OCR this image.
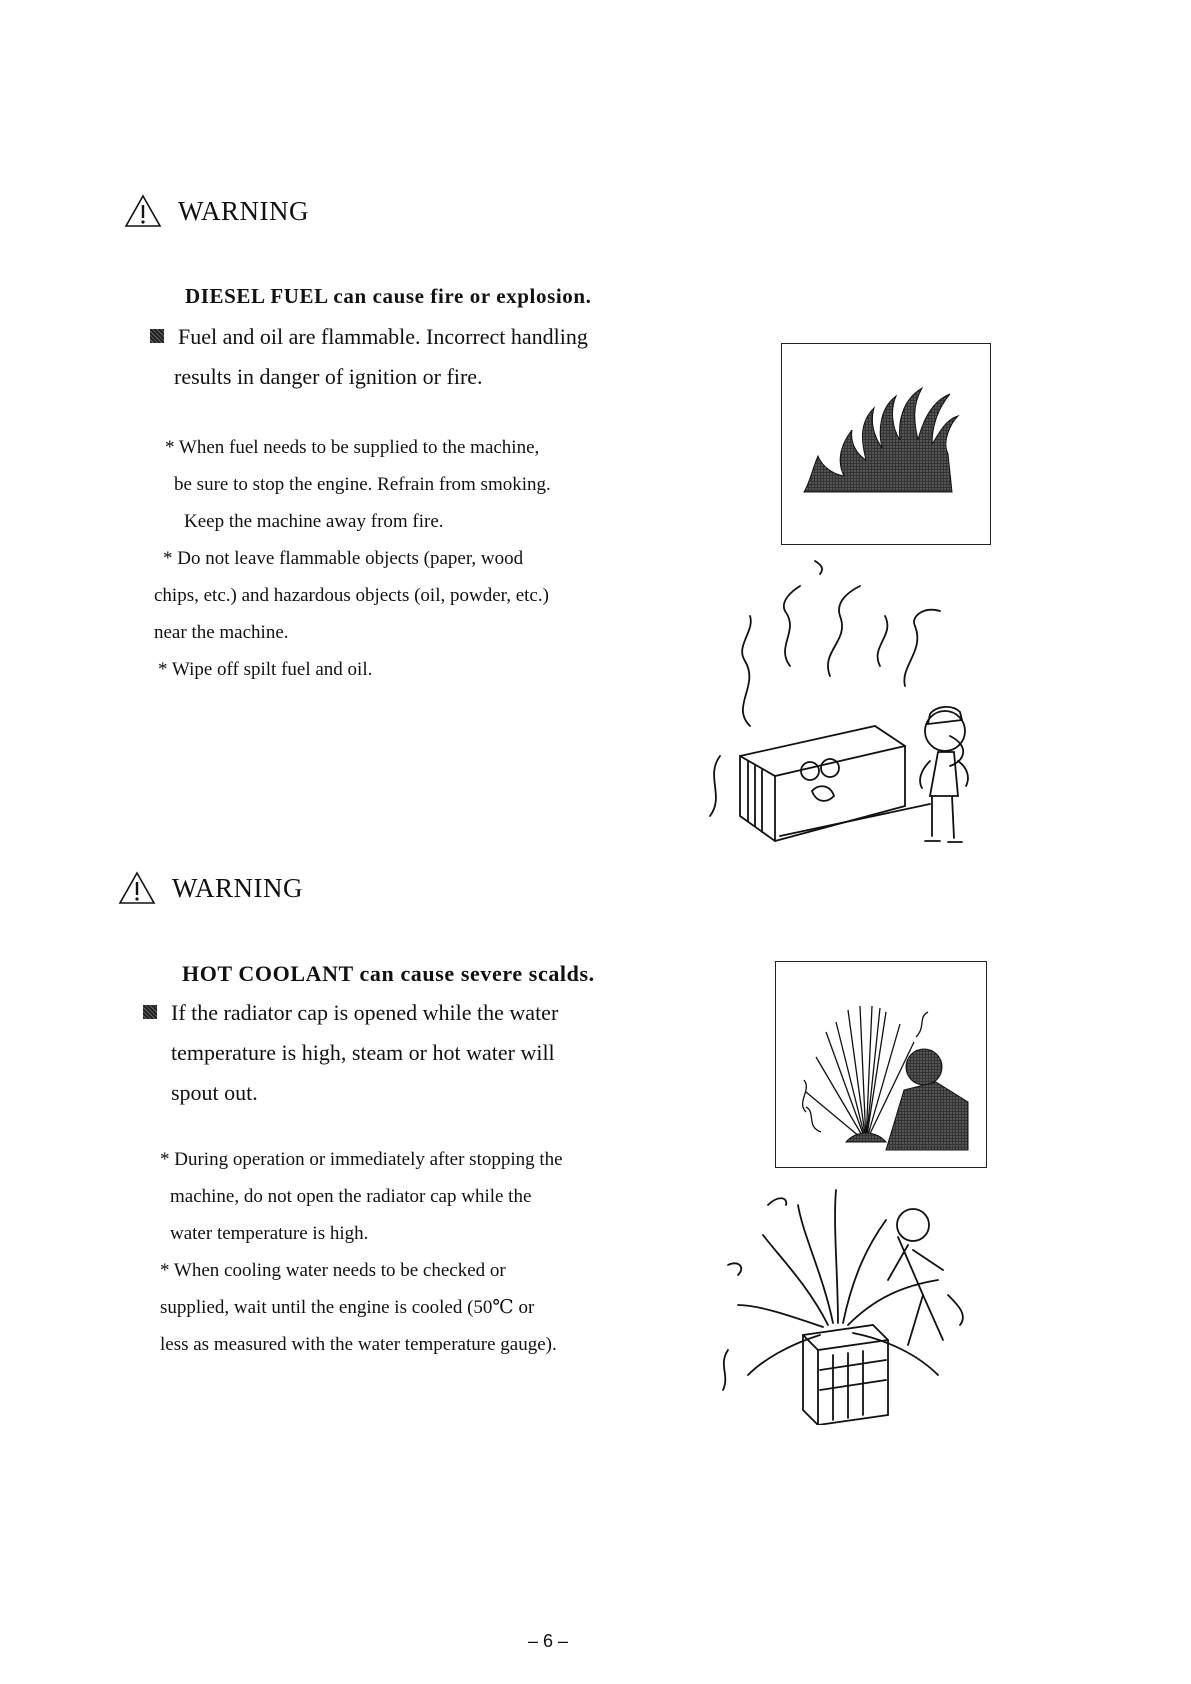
WARNING
DIESEL FUEL can cause fire or explosion.
Fuel and oil are flammable. Incorrect handling
results in danger of ignition or fire.
* When fuel needs to be supplied to the machine,
be sure to stop the engine. Refrain from smoking.
Keep the machine away from fire.
* Do not leave flammable objects (paper, wood
chips, etc.) and hazardous objects (oil, powder, etc.)
near the machine.
* Wipe off spilt fuel and oil.
WARNING
HOT COOLANT can cause severe scalds.
If the radiator cap is opened while the water
temperature is high, steam or hot water will
spout out.
* During operation or immediately after stopping the
machine, do not open the radiator cap while the
water temperature is high.
* When cooling water needs to be checked or
supplied, wait until the engine is cooled (50℃ or
less as measured with the water temperature gauge).
– 6 –
